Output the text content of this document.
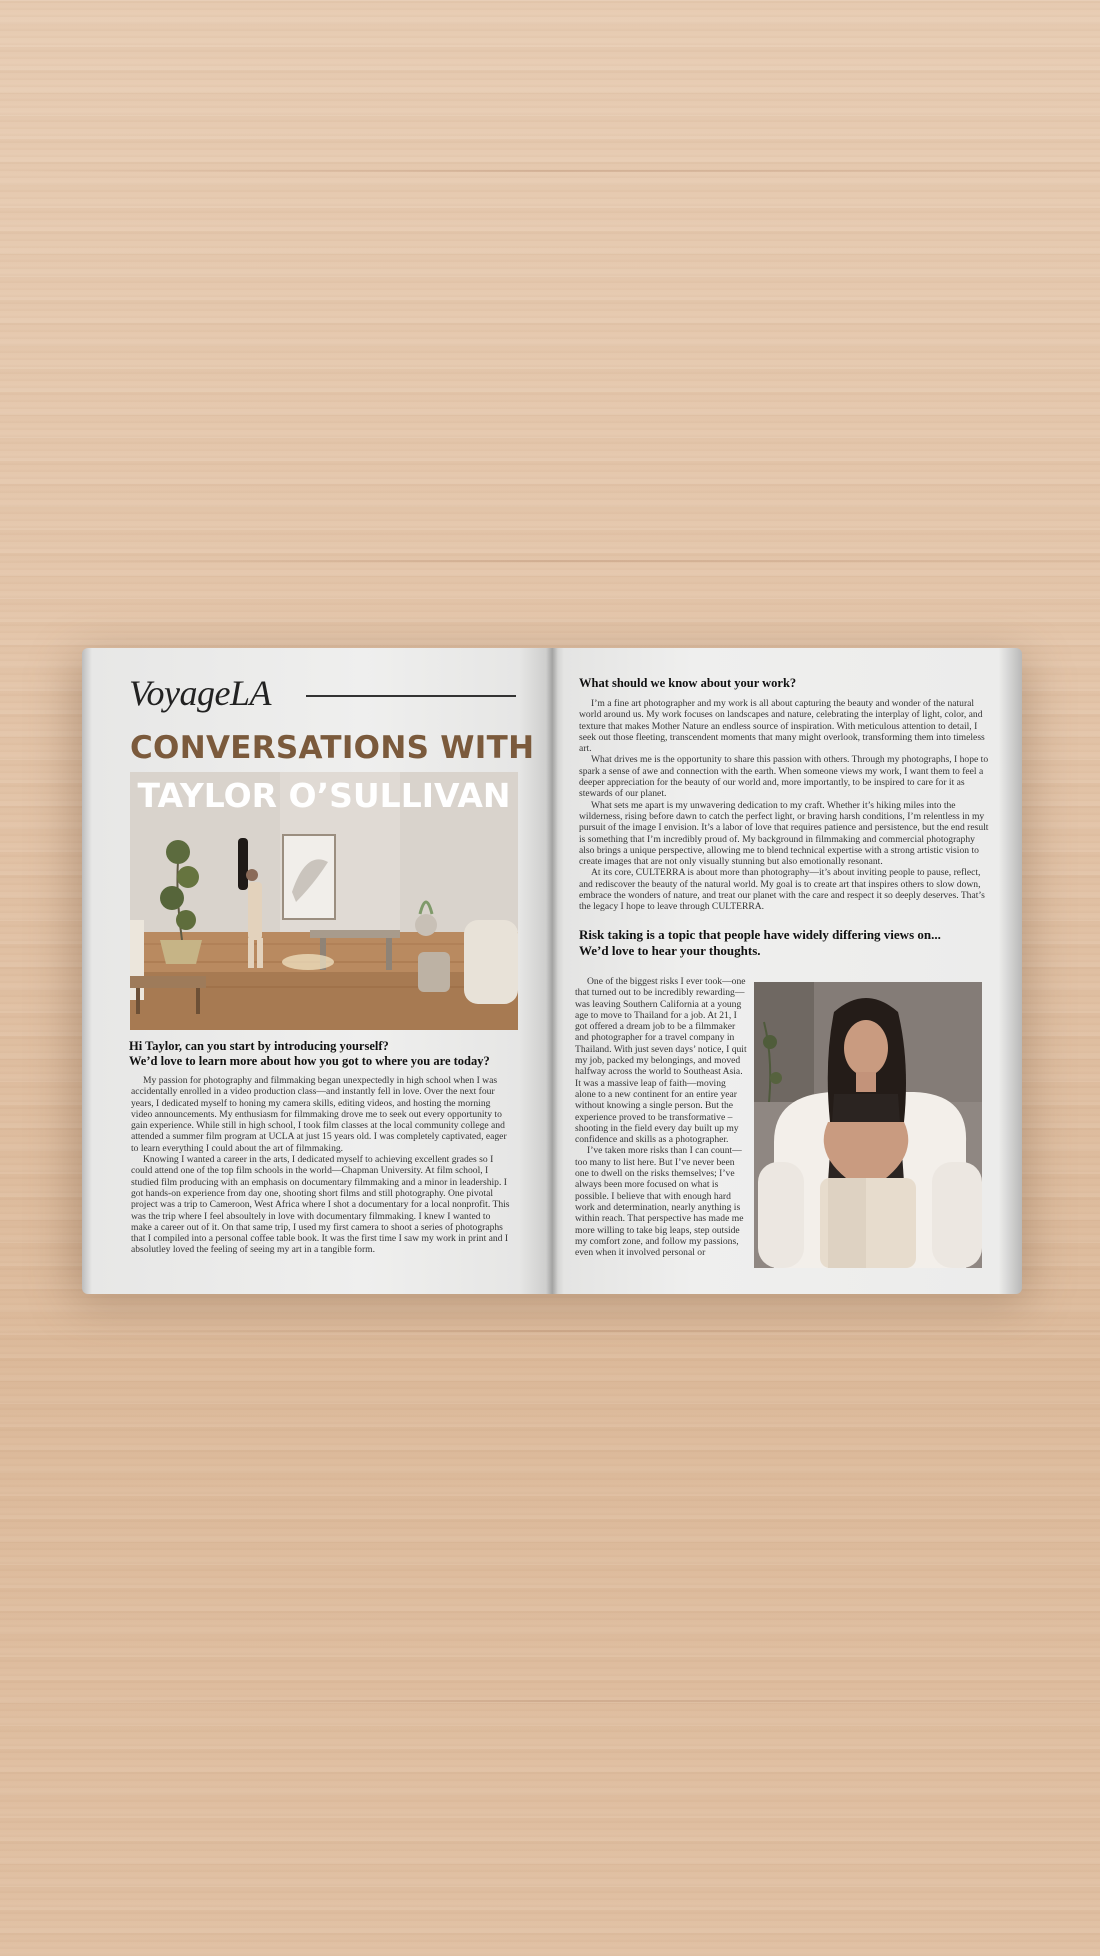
VoyageLA
CONVERSATIONS WITH
TAYLOR O’SULLIVAN
Hi Taylor, can you start by introducing yourself?
We’d love to learn more about how you got to where you are today?

My passion for photography and filmmaking began unexpectedly in high school when I was accidentally enrolled in a video production class—and instantly fell in love. Over the next four years, I dedicated myself to honing my camera skills, editing videos, and hosting the morning video announcements. My enthusiasm for filmmaking drove me to seek out every opportunity to gain experience. While still in high school, I took film classes at the local community college and attended a summer film program at UCLA at just 15 years old. I was completely captivated, eager to learn everything I could about the art of filmmaking.

Knowing I wanted a career in the arts, I dedicated myself to achieving excellent grades so I could attend one of the top film schools in the world—Chapman University. At film school, I studied film producing with an emphasis on documentary filmmaking and a minor in leadership. I got hands-on experience from day one, shooting short films and still photography. One pivotal project was a trip to Cameroon, West Africa where I shot a documentary for a local nonprofit. This was the trip where I feel absoultely in love with documentary filmmaking. I knew I wanted to make a career out of it. On that same trip, I used my first camera to shoot a series of photographs that I compiled into a personal coffee table book. It was the first time I saw my work in print and I absolutley loved the feeling of seeing my art in a tangible form.

What should we know about your work?

I’m a fine art photographer and my work is all about capturing the beauty and wonder of the natural world around us. My work focuses on landscapes and nature, celebrating the interplay of light, color, and texture that makes Mother Nature an endless source of inspiration. With meticulous attention to detail, I seek out those fleeting, transcendent moments that many might overlook, transforming them into timeless art.

What drives me is the opportunity to share this passion with others. Through my photographs, I hope to spark a sense of awe and connection with the earth. When someone views my work, I want them to feel a deeper appreciation for the beauty of our world and, more importantly, to be inspired to care for it as stewards of our planet.

What sets me apart is my unwavering dedication to my craft. Whether it’s hiking miles into the wilderness, rising before dawn to catch the perfect light, or braving harsh conditions, I’m relentless in my pursuit of the image I envision. It’s a labor of love that requires patience and persistence, but the end result is something that I’m incredibly proud of. My background in filmmaking and commercial photography also brings a unique perspective, allowing me to blend technical expertise with a strong artistic vision to create images that are not only visually stunning but also emotionally resonant.

At its core, CULTERRA is about more than photography—it’s about inviting people to pause, reflect, and rediscover the beauty of the natural world. My goal is to create art that inspires others to slow down, embrace the wonders of nature, and treat our planet with the care and respect it so deeply deserves. That’s the legacy I hope to leave through CULTERRA.

Risk taking is a topic that people have widely differing views on...
We’d love to hear your thoughts.

One of the biggest risks I ever took—one that turned out to be incredibly rewarding—was leaving Southern California at a young age to move to Thailand for a job. At 21, I got offered a dream job to be a filmmaker and photographer for a travel company in Thailand. With just seven days’ notice, I quit my job, packed my belongings, and moved halfway across the world to Southeast Asia. It was a massive leap of faith—moving alone to a new continent for an entire year without knowing a single person. But the experience proved to be transformative – shooting in the field every day built up my confidence and skills as a photographer.

I’ve taken more risks than I can count—too many to list here. But I’ve never been one to dwell on the risks themselves; I’ve always been more focused on what is possible. I believe that with enough hard work and determination, nearly anything is within reach. That perspective has made me more willing to take big leaps, step outside my comfort zone, and follow my passions, even when it involved personal or
